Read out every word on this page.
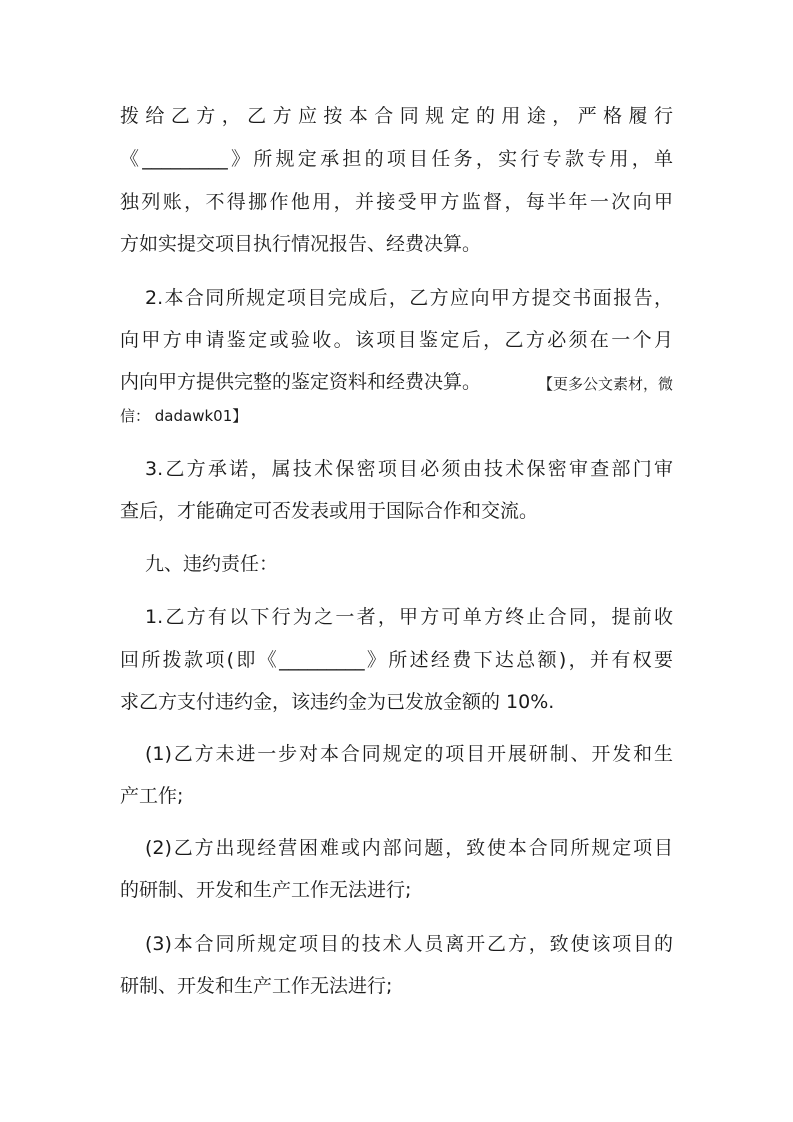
拨给乙方，乙方应按本合同规定的用途，严格履行
《_________》所规定承担的项目任务，实行专款专用，单
独列账，不得挪作他用，并接受甲方监督，每半年一次向甲
方如实提交项目执行情况报告、经费决算。
2.本合同所规定项目完成后，乙方应向甲方提交书面报告，
向甲方申请鉴定或验收。该项目鉴定后，乙方必须在一个月
内向甲方提供完整的鉴定资料和经费决算。	【更多公文素材，微
信： dadawk01】
3.乙方承诺，属技术保密项目必须由技术保密审查部门审
查后，才能确定可否发表或用于国际合作和交流。
九、违约责任：
1.乙方有以下行为之一者，甲方可单方终止合同，提前收
回所拨款项(即《_________》所述经费下达总额)，并有权要
求乙方支付违约金，该违约金为已发放金额的 10%.
(1)乙方未进一步对本合同规定的项目开展研制、开发和生
产工作;
(2)乙方出现经营困难或内部问题，致使本合同所规定项目
的研制、开发和生产工作无法进行;
(3)本合同所规定项目的技术人员离开乙方，致使该项目的
研制、开发和生产工作无法进行;
